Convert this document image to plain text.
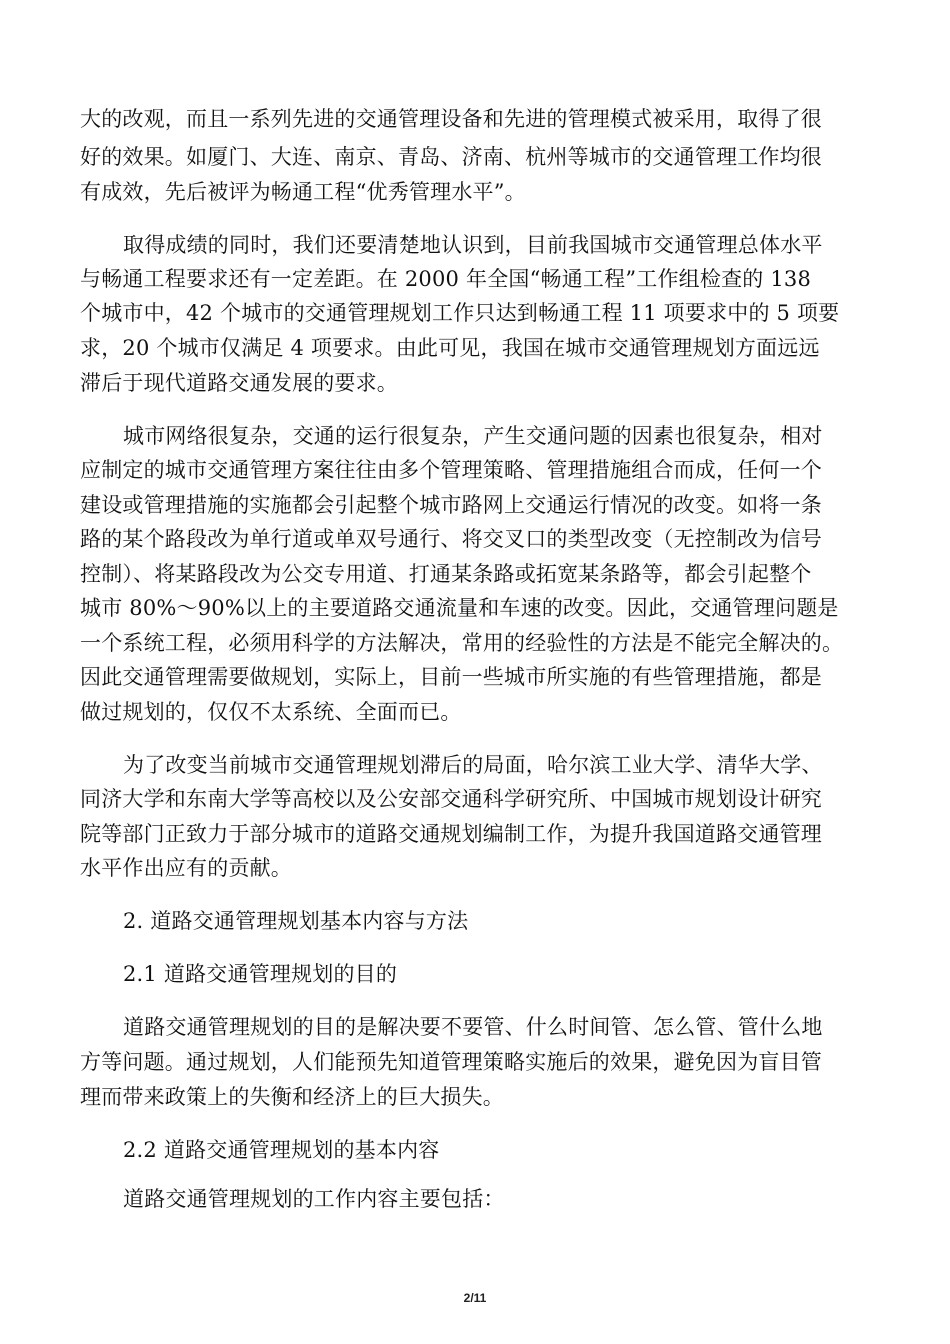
大的改观，而且一系列先进的交通管理设备和先进的管理模式被采用，取得了很
好的效果。如厦门、大连、南京、青岛、济南、杭州等城市的交通管理工作均很
有成效，先后被评为畅通工程“优秀管理水平”。
取得成绩的同时，我们还要清楚地认识到，目前我国城市交通管理总体水平
与畅通工程要求还有一定差距。在 2000 年全国“畅通工程”工作组检查的 138
个城市中，42 个城市的交通管理规划工作只达到畅通工程 11 项要求中的 5 项要
求，20 个城市仅满足 4 项要求。由此可见，我国在城市交通管理规划方面远远
滞后于现代道路交通发展的要求。
城市网络很复杂，交通的运行很复杂，产生交通问题的因素也很复杂，相对
应制定的城市交通管理方案往往由多个管理策略、管理措施组合而成，任何一个
建设或管理措施的实施都会引起整个城市路网上交通运行情况的改变。如将一条
路的某个路段改为单行道或单双号通行、将交叉口的类型改变（无控制改为信号
控制）、将某路段改为公交专用道、打通某条路或拓宽某条路等，都会引起整个
城市 80%～90%以上的主要道路交通流量和车速的改变。因此，交通管理问题是
一个系统工程，必须用科学的方法解决，常用的经验性的方法是不能完全解决的。
因此交通管理需要做规划，实际上，目前一些城市所实施的有些管理措施，都是
做过规划的，仅仅不太系统、全面而已。
为了改变当前城市交通管理规划滞后的局面，哈尔滨工业大学、清华大学、
同济大学和东南大学等高校以及公安部交通科学研究所、中国城市规划设计研究
院等部门正致力于部分城市的道路交通规划编制工作，为提升我国道路交通管理
水平作出应有的贡献。
2. 道路交通管理规划基本内容与方法
2.1 道路交通管理规划的目的
道路交通管理规划的目的是解决要不要管、什么时间管、怎么管、管什么地
方等问题。通过规划，人们能预先知道管理策略实施后的效果，避免因为盲目管
理而带来政策上的失衡和经济上的巨大损失。
2.2 道路交通管理规划的基本内容
道路交通管理规划的工作内容主要包括：
2/11
